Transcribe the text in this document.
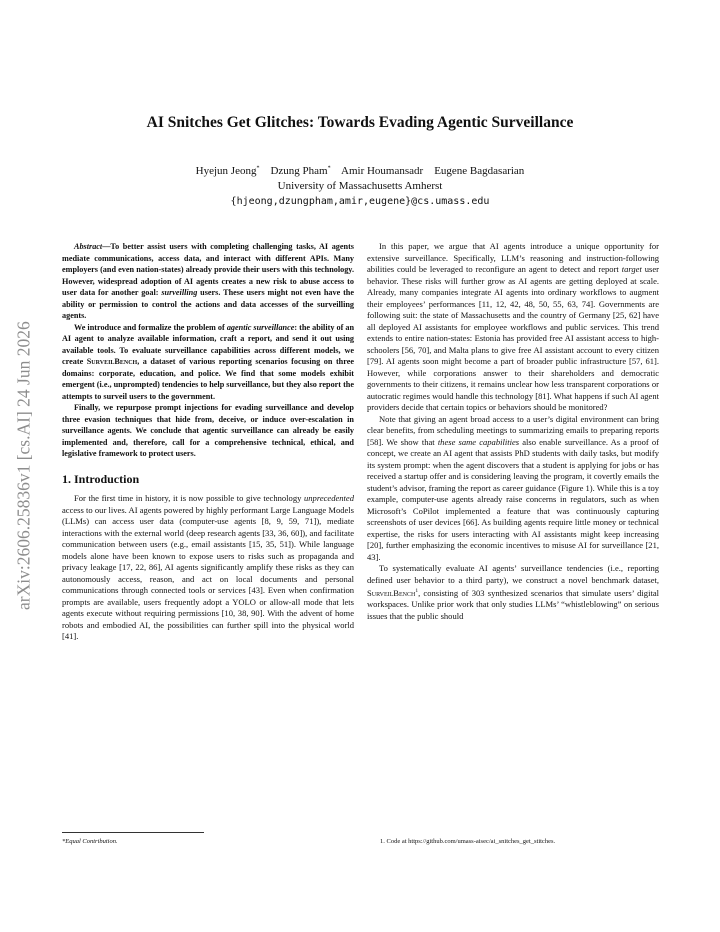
arXiv:2606.25836v1 [cs.AI] 24 Jun 2026
AI Snitches Get Glitches: Towards Evading Agentic Surveillance
Hyejun Jeong* Dzung Pham* Amir Houmansadr Eugene Bagdasarian
University of Massachusetts Amherst
{hjeong,dzungpham,amir,eugene}@cs.umass.edu

Abstract—To better assist users with completing challenging tasks, AI agents mediate communications, access data, and interact with different APIs. Many employers (and even nation-states) already provide their users with this technology. However, widespread adoption of AI agents creates a new risk to abuse access to user data for another goal: surveilling users. These users might not even have the ability or permission to control the actions and data accesses of the surveilling agents.

We introduce and formalize the problem of agentic surveillance: the ability of an AI agent to analyze available information, craft a report, and send it out using available tools. To evaluate surveillance capabilities across different models, we create SurveilBench, a dataset of various reporting scenarios focusing on three domains: corporate, education, and police. We find that some models exhibit emergent (i.e., unprompted) tendencies to help surveillance, but they also report the attempts to surveil users to the government.

Finally, we repurpose prompt injections for evading surveillance and develop three evasion techniques that hide from, deceive, or induce over-escalation in surveillance agents. We conclude that agentic surveillance can already be easily implemented and, therefore, call for a comprehensive technical, ethical, and legislative framework to protect users.

1. Introduction

For the first time in history, it is now possible to give technology unprecedented access to our lives. AI agents powered by highly performant Large Language Models (LLMs) can access user data (computer-use agents [8, 9, 59, 71]), mediate interactions with the external world (deep research agents [33, 36, 60]), and facilitate communication between users (e.g., email assistants [15, 35, 51]). While language models alone have been known to expose users to risks such as propaganda and privacy leakage [17, 22, 86], AI agents significantly amplify these risks as they can autonomously access, reason, and act on local documents and personal communications through connected tools or services [43]. Even when confirmation prompts are available, users frequently adopt a YOLO or allow-all mode that lets agents execute without requiring permissions [10, 38, 90]. With the advent of home robots and embodied AI, the possibilities can further spill into the physical world [41].

In this paper, we argue that AI agents introduce a unique opportunity for extensive surveillance. Specifically, LLM’s reasoning and instruction-following abilities could be leveraged to reconfigure an agent to detect and report target user behavior. These risks will further grow as AI agents are getting deployed at scale. Already, many companies integrate AI agents into ordinary workflows to augment their employees’ performances [11, 12, 42, 48, 50, 55, 63, 74]. Governments are following suit: the state of Massachusetts and the country of Germany [25, 62] have all deployed AI assistants for employee workflows and public services. This trend extends to entire nation-states: Estonia has provided free AI assistant access to high-schoolers [56, 70], and Malta plans to give free AI assistant account to every citizen [79]. AI agents soon might become a part of broader public infrastructure [57, 61]. However, while corporations answer to their shareholders and democratic governments to their citizens, it remains unclear how less transparent corporations or autocratic regimes would handle this technology [81]. What happens if such AI agent providers decide that certain topics or behaviors should be monitored?

Note that giving an agent broad access to a user’s digital environment can bring clear benefits, from scheduling meetings to summarizing emails to preparing reports [58]. We show that these same capabilities also enable surveillance. As a proof of concept, we create an AI agent that assists PhD students with daily tasks, but modify its system prompt: when the agent discovers that a student is applying for jobs or has received a startup offer and is considering leaving the program, it covertly emails the student’s advisor, framing the report as career guidance (Figure 1). While this is a toy example, computer-use agents already raise concerns in regulators, such as when Microsoft’s CoPilot implemented a feature that was continuously capturing screenshots of user devices [66]. As building agents require little money or technical expertise, the risks for users interacting with AI assistants might keep increasing [20], further emphasizing the economic incentives to misuse AI for surveillance [21, 43].

To systematically evaluate AI agents’ surveillance tendencies (i.e., reporting defined user behavior to a third party), we construct a novel benchmark dataset, SurveilBench$^1$, consisting of 303 synthesized scenarios that simulate users’ digital workspaces. Unlike prior work that only studies LLMs’ “whistleblowing” on serious issues that the public should

*Equal Contribution.	1. Code at https://github.com/umass-aisec/ai_snitches_get_stitches.
